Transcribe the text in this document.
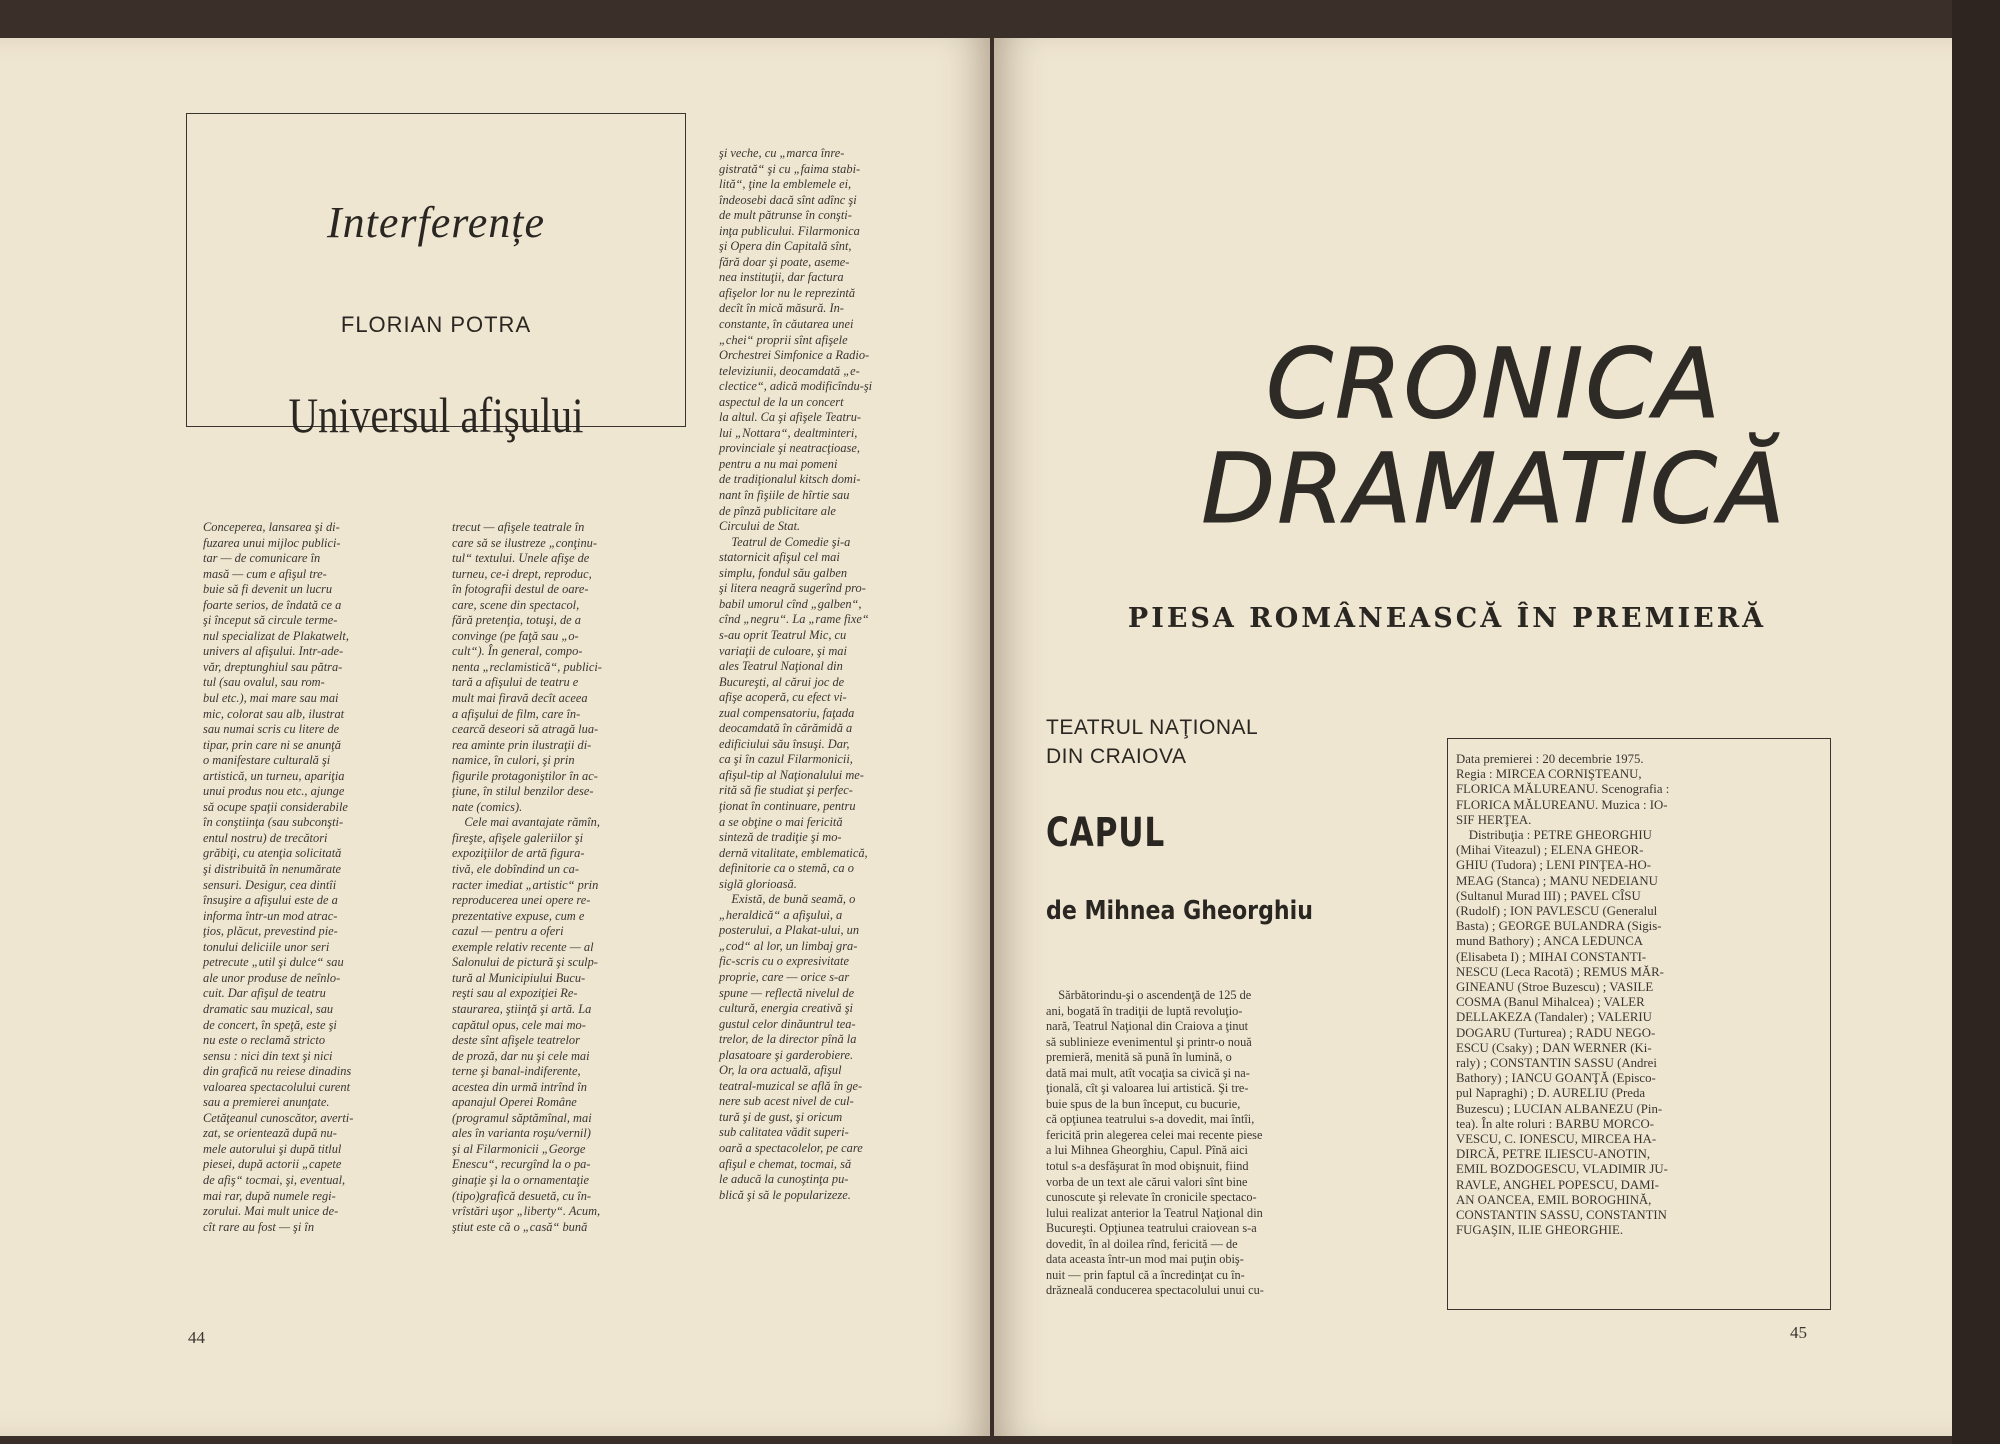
Interferențe
FLORIAN POTRA
Universul afişului
Conceperea, lansarea şi di-
fuzarea unui mijloc publici-
tar — de comunicare în
masă — cum e afişul tre-
buie să fi devenit un lucru
foarte serios, de îndată ce a
şi început să circule terme-
nul specializat de Plakatwelt,
univers al afişului. Intr-ade-
văr, dreptunghiul sau pătra-
tul (sau ovalul, sau rom-
bul etc.), mai mare sau mai
mic, colorat sau alb, ilustrat
sau numai scris cu litere de
tipar, prin care ni se anunţă
o manifestare culturală şi
artistică, un turneu, apariţia
unui produs nou etc., ajunge
să ocupe spaţii considerabile
în conştiinţa (sau subconşti-
entul nostru) de trecători
grăbiţi, cu atenţia solicitată
şi distribuită în nenumărate
sensuri. Desigur, cea dintîi
însuşire a afişului este de a
informa într-un mod atrac-
ţios, plăcut, prevestind pie-
tonului deliciile unor seri
petrecute „util şi dulce“ sau
ale unor produse de neînlo-
cuit. Dar afişul de teatru
dramatic sau muzical, sau
de concert, în speţă, este şi
nu este o reclamă stricto
sensu : nici din text şi nici
din grafică nu reiese dinadins
valoarea spectacolului curent
sau a premierei anunţate.
Cetăţeanul cunoscător, averti-
zat, se orientează după nu-
mele autorului şi după titlul
piesei, după actorii „capete
de afiş“ tocmai, şi, eventual,
mai rar, după numele regi-
zorului. Mai mult unice de-
cît rare au fost — şi în
trecut — afişele teatrale în
care să se ilustreze „conţinu-
tul“ textului. Unele afişe de
turneu, ce-i drept, reproduc,
în fotografii destul de oare-
care, scene din spectacol,
fără pretenţia, totuşi, de a
convinge (pe faţă sau „o-
cult“). În general, compo-
nenta „reclamistică“, publici-
tară a afişului de teatru e
mult mai firavă decît aceea
a afişului de film, care în-
cearcă deseori să atragă lua-
rea aminte prin ilustraţii di-
namice, în culori, şi prin
figurile protagoniştilor în ac-
ţiune, în stilul benzilor dese-
nate (comics).
Cele mai avantajate rămîn,
fireşte, afişele galeriilor şi
expoziţiilor de artă figura-
tivă, ele dobîndind un ca-
racter imediat „artistic“ prin
reproducerea unei opere re-
prezentative expuse, cum e
cazul — pentru a oferi
exemple relativ recente — al
Salonului de pictură şi sculp-
tură al Municipiului Bucu-
reşti sau al expoziţiei Re-
staurarea, ştiinţă şi artă. La
capătul opus, cele mai mo-
deste sînt afişele teatrelor
de proză, dar nu şi cele mai
terne şi banal-indiferente,
acestea din urmă intrînd în
apanajul Operei Române
(programul săptămînal, mai
ales în varianta roşu/vernil)
şi al Filarmonicii „George
Enescu“, recurgînd la o pa-
ginaţie şi la o ornamentaţie
(tipo)grafică desuetă, cu în-
vrîstări uşor „liberty“. Acum,
ştiut este că o „casă“ bună
şi veche, cu „marca înre-
gistrată“ şi cu „faima stabi-
lită“, ţine la emblemele ei,
îndeosebi dacă sînt adînc şi
de mult pătrunse în conşti-
inţa publicului. Filarmonica
şi Opera din Capitală sînt,
fără doar şi poate, aseme-
nea instituţii, dar factura
afişelor lor nu le reprezintă
decît în mică măsură. In-
constante, în căutarea unei
„chei“ proprii sînt afişele
Orchestrei Simfonice a Radio-
televiziunii, deocamdată „e-
clectice“, adică modificîndu-şi
aspectul de la un concert
la altul. Ca şi afişele Teatru-
lui „Nottara“, dealtminteri,
provinciale şi neatracţioase,
pentru a nu mai pomeni
de tradiţionalul kitsch domi-
nant în fişiile de hîrtie sau
de pînză publicitare ale
Circului de Stat.
Teatrul de Comedie şi-a
statornicit afişul cel mai
simplu, fondul său galben
şi litera neagră sugerînd pro-
babil umorul cînd „galben“,
cînd „negru“. La „rame fixe“
s-au oprit Teatrul Mic, cu
variaţii de culoare, şi mai
ales Teatrul Naţional din
Bucureşti, al cărui joc de
afişe acoperă, cu efect vi-
zual compensatoriu, faţada
deocamdată în cărămidă a
edificiului său însuşi. Dar,
ca şi în cazul Filarmonicii,
afişul-tip al Naţionalului me-
rită să fie studiat şi perfec-
ţionat în continuare, pentru
a se obţine o mai fericită
sinteză de tradiţie şi mo-
dernă vitalitate, emblematică,
definitorie ca o stemă, ca o
siglă glorioasă.
Există, de bună seamă, o
„heraldică“ a afişului, a
posterului, a Plakat-ului, un
„cod“ al lor, un limbaj gra-
fic-scris cu o expresivitate
proprie, care — orice s-ar
spune — reflectă nivelul de
cultură, energia creativă şi
gustul celor dinăuntrul tea-
trelor, de la director pînă la
plasatoare şi garderobiere.
Or, la ora actuală, afişul
teatral-muzical se află în ge-
nere sub acest nivel de cul-
tură şi de gust, şi oricum
sub calitatea vădit superi-
oară a spectacolelor, pe care
afişul e chemat, tocmai, să
le aducă la cunoştinţa pu-
blică şi să le popularizeze.
44
CRONICA
DRAMATICĂ
PIESA ROMÂNEASCĂ ÎN PREMIERĂ
TEATRUL NAŢIONAL
DIN CRAIOVA
CAPUL
de Mihnea Gheorghiu
Sărbătorindu-şi o ascendenţă de 125 de
ani, bogată în tradiţii de luptă revoluţio-
nară, Teatrul Naţional din Craiova a ţinut
să sublinieze evenimentul şi printr-o nouă
premieră, menită să pună în lumină, o
dată mai mult, atît vocaţia sa civică şi na-
ţională, cît şi valoarea lui artistică. Şi tre-
buie spus de la bun început, cu bucurie,
că opţiunea teatrului s-a dovedit, mai întîi,
fericită prin alegerea celei mai recente piese
a lui Mihnea Gheorghiu, Capul. Pînă aici
totul s-a desfăşurat în mod obişnuit, fiind
vorba de un text ale cărui valori sînt bine
cunoscute şi relevate în cronicile spectaco-
lului realizat anterior la Teatrul Naţional din
Bucureşti. Opţiunea teatrului craiovean s-a
dovedit, în al doilea rînd, fericită — de
data aceasta într-un mod mai puţin obiş-
nuit — prin faptul că a încredinţat cu în-
drăzneală conducerea spectacolului unui cu-
Data premierei : 20 decembrie 1975.
Regia : MIRCEA CORNIŞTEANU,
FLORICA MĂLUREANU. Scenografia :
FLORICA MĂLUREANU. Muzica : IO-
SIF HERŢEA.
Distribuţia : PETRE GHEORGHIU
(Mihai Viteazul) ; ELENA GHEOR-
GHIU (Tudora) ; LENI PINŢEA-HO-
MEAG (Stanca) ; MANU NEDEIANU
(Sultanul Murad III) ; PAVEL CÎSU
(Rudolf) ; ION PAVLESCU (Generalul
Basta) ; GEORGE BULANDRA (Sigis-
mund Bathory) ; ANCA LEDUNCA
(Elisabeta I) ; MIHAI CONSTANTI-
NESCU (Leca Racotă) ; REMUS MĂR-
GINEANU (Stroe Buzescu) ; VASILE
COSMA (Banul Mihalcea) ; VALER
DELLAKEZA (Tandaler) ; VALERIU
DOGARU (Turturea) ; RADU NEGO-
ESCU (Csaky) ; DAN WERNER (Ki-
raly) ; CONSTANTIN SASSU (Andrei
Bathory) ; IANCU GOANŢĂ (Episco-
pul Napraghi) ; D. AURELIU (Preda
Buzescu) ; LUCIAN ALBANEZU (Pin-
tea). În alte roluri : BARBU MORCO-
VESCU, C. IONESCU, MIRCEA HA-
DIRCĂ, PETRE ILIESCU-ANOTIN,
EMIL BOZDOGESCU, VLADIMIR JU-
RAVLE, ANGHEL POPESCU, DAMI-
AN OANCEA, EMIL BOROGHINĂ,
CONSTANTIN SASSU, CONSTANTIN
FUGAŞIN, ILIE GHEORGHIE.
45
